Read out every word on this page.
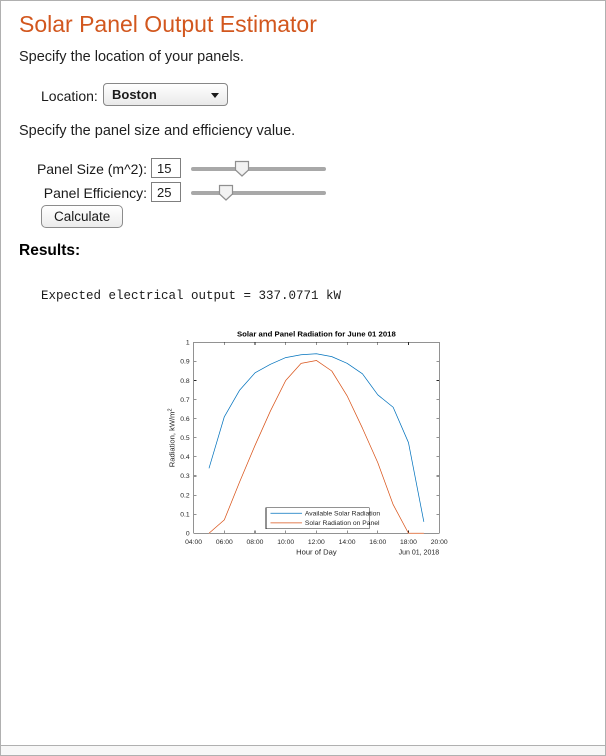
Solar Panel Output Estimator
Specify the location of your panels.
Location:	Boston
Specify the panel size and efficiency value.
Panel Size (m^2):
15
Panel Efficiency:
25
Calculate
Results:
Expected electrical output = 337.0771 kW
Solar and Panel Radiation for June 01 2018
04:00 06:00 08:00 10:00 12:00 14:00 16:00 18:00 20:00
0
0.1
0.2
0.3
0.4
0.5
0.6
0.7
0.8
0.9
1
Hour of Day	Jun 01, 2018
Radiation, $kW/m^2$
Available Solar Radiation
Solar Radiation on Panel
